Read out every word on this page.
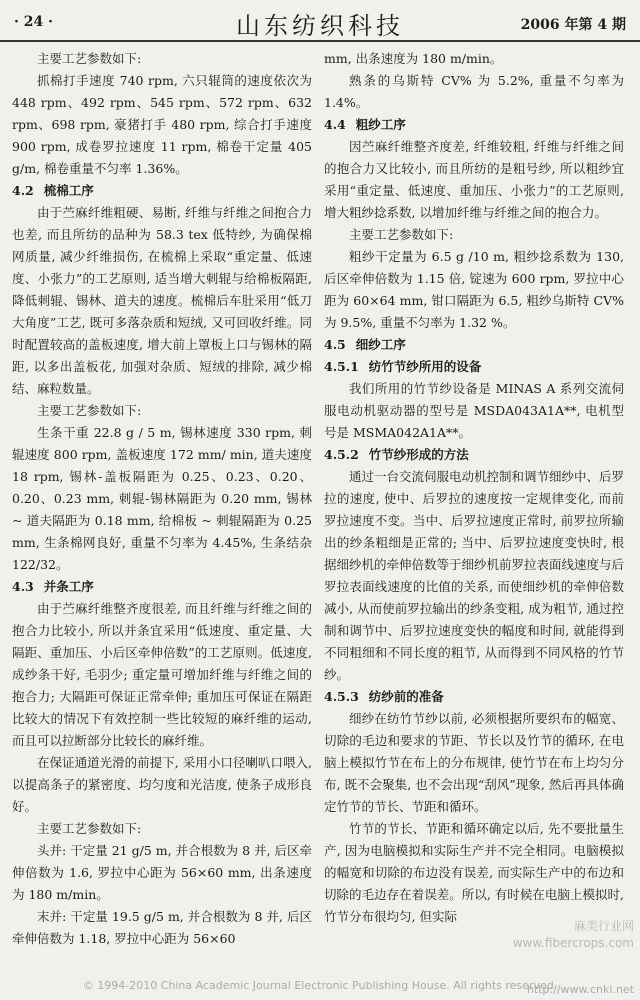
· 24 ·	山东纺织科技	2006 年第 4 期

主要工艺参数如下:

抓棉打手速度 740 rpm, 六只辊筒的速度依次为 448 rpm、492 rpm、545 rpm、572 rpm、632 rpm、698 rpm, 豪猪打手 480 rpm, 综合打手速度 900 rpm, 成卷罗拉速度 11 rpm, 棉卷干定量 405 g/m, 棉卷重量不匀率 1.36%。

4.2 梳棉工序

由于苎麻纤维粗硬、易断, 纤维与纤维之间抱合力也差, 而且所纺的品种为 58.3 tex 低特纱, 为确保棉网质量, 减少纤维损伤, 在梳棉上采取“重定量、低速度、小张力”的工艺原则, 适当增大刺辊与给棉板隔距, 降低刺辊、锡林、道夫的速度。梳棉后车肚采用“低刀大角度”工艺, 既可多落杂质和短绒, 又可回收纤维。同时配置较高的盖板速度, 增大前上罩板上口与锡林的隔距, 以多出盖板花, 加强对杂质、短绒的排除, 减少棉结、麻粒数量。

主要工艺参数如下:

生条干重 22.8 g / 5 m, 锡林速度 330 rpm, 刺辊速度 800 rpm, 盖板速度 172 mm/ min, 道夫速度 18 rpm, 锡林-盖板隔距为 0.25、0.23、0.20、0.20、0.23 mm, 刺辊-锡林隔距为 0.20 mm, 锡林 ~ 道夫隔距为 0.18 mm, 给棉板 ~ 刺辊隔距为 0.25 mm, 生条棉网良好, 重量不匀率为 4.45%, 生条结杂 122/32。

4.3 并条工序

由于苎麻纤维整齐度很差, 而且纤维与纤维之间的抱合力比较小, 所以并条宜采用“低速度、重定量、大隔距、重加压、小后区牵伸倍数”的工艺原则。低速度, 成纱条干好, 毛羽少; 重定量可增加纤维与纤维之间的抱合力; 大隔距可保证正常牵伸; 重加压可保证在隔距比较大的情况下有效控制一些比较短的麻纤维的运动, 而且可以拉断部分比较长的麻纤维。

在保证通道光滑的前提下, 采用小口径喇叭口喂入, 以提高条子的紧密度、均匀度和光洁度, 使条子成形良好。

主要工艺参数如下:

头并: 干定量 21 g/5 m, 并合根数为 8 并, 后区牵伸倍数为 1.6, 罗拉中心距为 56×60 mm, 出条速度为 180 m/min。

末并: 干定量 19.5 g/5 m, 并合根数为 8 并, 后区牵伸倍数为 1.18, 罗拉中心距为 56×60

mm, 出条速度为 180 m/min。

熟条的乌斯特 CV% 为 5.2%, 重量不匀率为 1.4%。

4.4 粗纱工序

因苎麻纤维整齐度差, 纤维较粗, 纤维与纤维之间的抱合力又比较小, 而且所纺的是粗号纱, 所以粗纱宜采用“重定量、低速度、重加压、小张力”的工艺原则, 增大粗纱捻系数, 以增加纤维与纤维之间的抱合力。

主要工艺参数如下:

粗纱干定量为 6.5 g /10 m, 粗纱捻系数为 130, 后区牵伸倍数为 1.15 倍, 锭速为 600 rpm, 罗拉中心距为 60×64 mm, 钳口隔距为 6.5, 粗纱乌斯特 CV% 为 9.5%, 重量不匀率为 1.32 %。

4.5 细纱工序
4.5.1 纺竹节纱所用的设备

我们所用的竹节纱设备是 MINAS A 系列交流伺服电动机驱动器的型号是 MSDA043A1A**, 电机型号是 MSMA042A1A**。

4.5.2 竹节纱形成的方法

通过一台交流伺服电动机控制和调节细纱中、后罗拉的速度, 使中、后罗拉的速度按一定规律变化, 而前罗拉速度不变。当中、后罗拉速度正常时, 前罗拉所输出的纱条粗细是正常的; 当中、后罗拉速度变快时, 根据细纱机的牵伸倍数等于细纱机前罗拉表面线速度与后罗拉表面线速度的比值的关系, 而使细纱机的牵伸倍数减小, 从而使前罗拉输出的纱条变粗, 成为粗节, 通过控制和调节中、后罗拉速度变快的幅度和时间, 就能得到不同粗细和不同长度的粗节, 从而得到不同风格的竹节纱。

4.5.3 纺纱前的准备

细纱在纺竹节纱以前, 必须根据所要织布的幅宽、切除的毛边和要求的节距、节长以及竹节的循环, 在电脑上模拟竹节在布上的分布规律, 使竹节在布上均匀分布, 既不会聚集, 也不会出现“刮风”现象, 然后再具体确定竹节的节长、节距和循环。

竹节的节长、节距和循环确定以后, 先不要批量生产, 因为电脑模拟和实际生产并不完全相同。电脑模拟的幅宽和切除的布边没有误差, 而实际生产中的布边和切除的毛边存在着误差。所以, 有时候在电脑上模拟时, 竹节分布很均匀, 但实际

麻类行业网
www.fibercrops.com
© 1994-2010 China Academic Journal Electronic Publishing House. All rights reserved.
http://www.cnki.net
